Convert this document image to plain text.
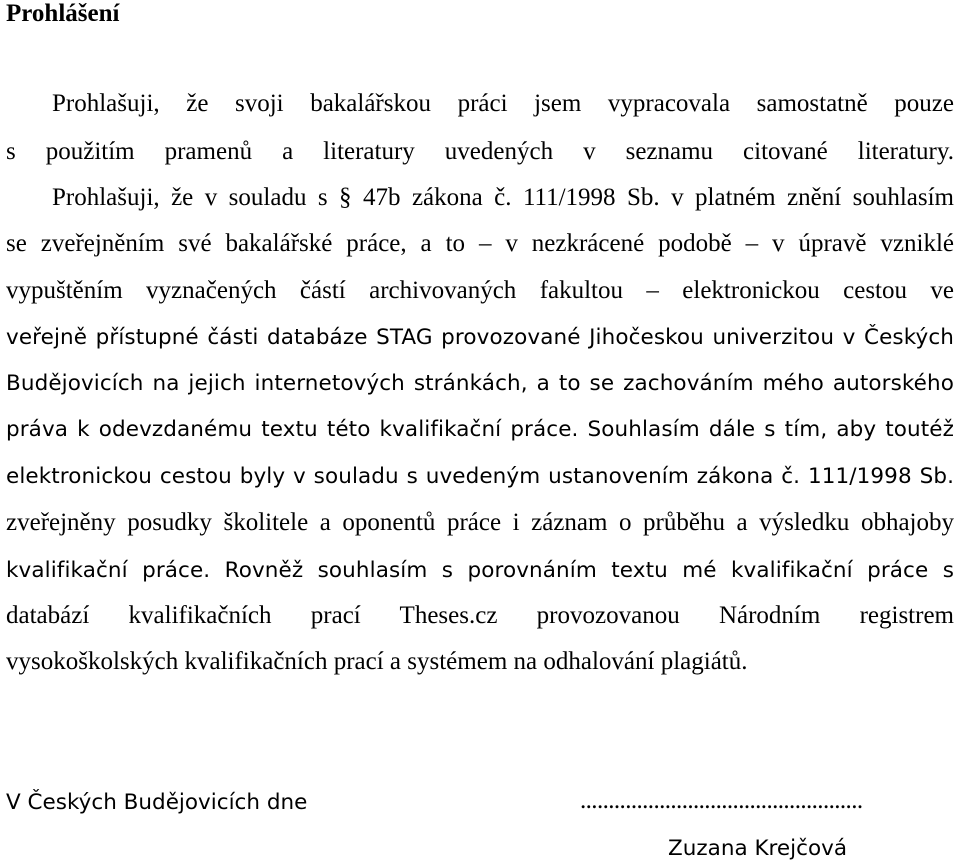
Prohlášení
Prohlašuji, že svoji bakalářskou práci jsem vypracovala samostatně pouze
s použitím pramenů a literatury uvedených v seznamu citované literatury.
Prohlašuji, že v souladu s § 47b zákona č. 111/1998 Sb. v platném znění souhlasím
se zveřejněním své bakalářské práce, a to – v nezkrácené podobě – v úpravě vzniklé
vypuštěním vyznačených částí archivovaných fakultou – elektronickou cestou ve
veřejně přístupné části databáze STAG provozované Jihočeskou univerzitou v Českých
Budějovicích na jejich internetových stránkách, a to se zachováním mého autorského
práva k odevzdanému textu této kvalifikační práce. Souhlasím dále s tím, aby toutéž
elektronickou cestou byly v souladu s uvedeným ustanovením zákona č. 111/1998 Sb.
zveřejněny posudky školitele a oponentů práce i záznam o průběhu a výsledku obhajoby
kvalifikační práce. Rovněž souhlasím s porovnáním textu mé kvalifikační práce s
databází kvalifikačních prací Theses.cz provozovanou Národním registrem
vysokoškolských kvalifikačních prací a systémem na odhalování plagiátů.
V Českých Budějovicích dne	..................................................
Zuzana Krejčová
